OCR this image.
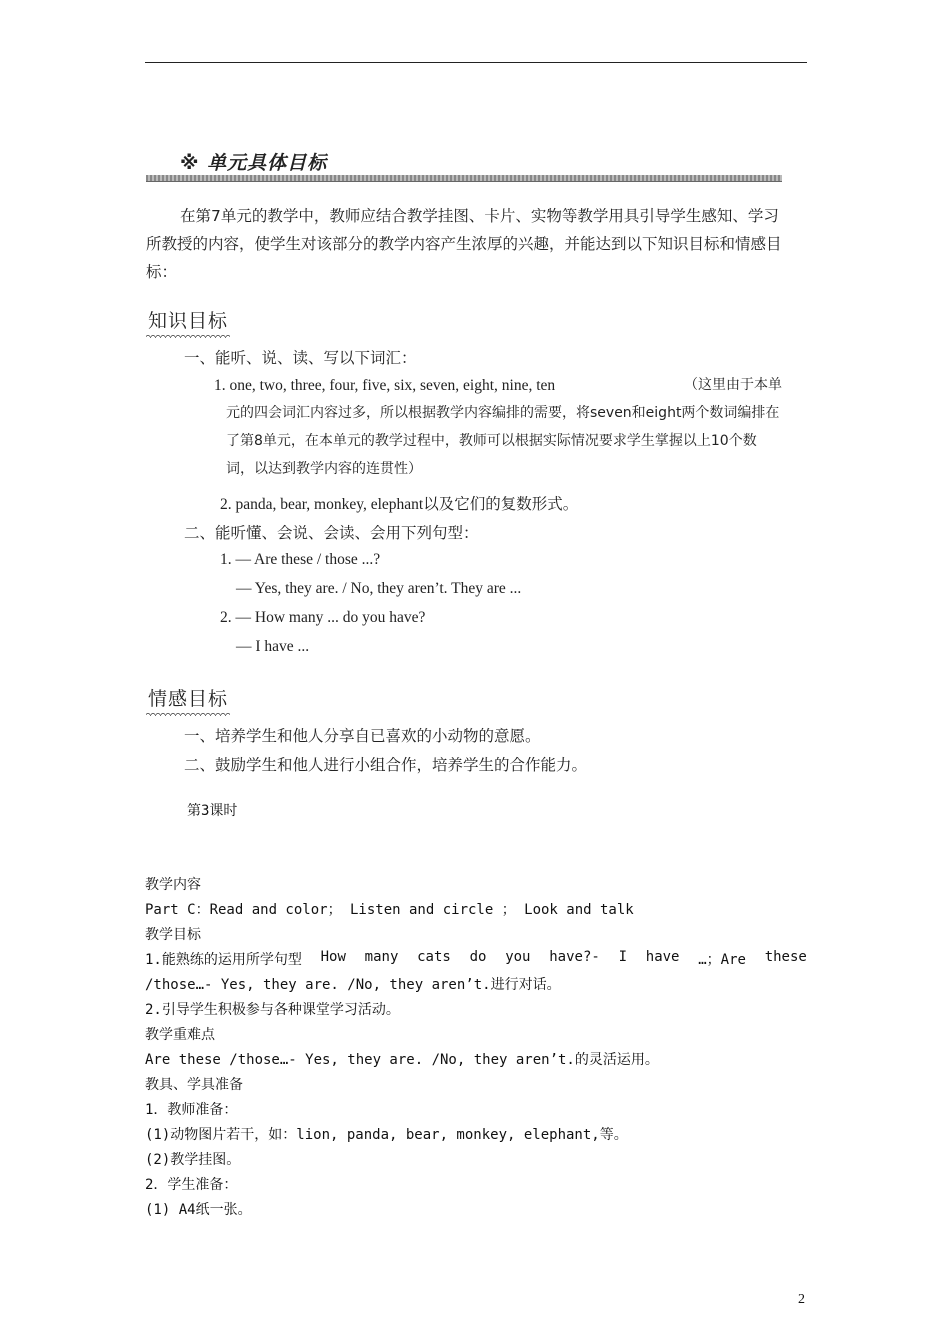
※ 单元具体目标

在第7单元的教学中，教师应结合教学挂图、卡片、实物等教学用具引导学生感知、学习所教授的内容，使学生对该部分的教学内容产生浓厚的兴趣，并能达到以下知识目标和情感目标：

知识目标
一、能听、说、读、写以下词汇：
1. one, two, three, four, five, six, seven, eight, nine, ten	（这里由于本单元的四会词汇内容过多，所以根据教学内容编排的需要，将seven和eight两个数词编排在了第8单元，在本单元的教学过程中，教师可以根据实际情况要求学生掌握以上10个数词，以达到教学内容的连贯性）
2. panda, bear, monkey, elephant以及它们的复数形式。
二、能听懂、会说、会读、会用下列句型：
1. — Are these / those ...?
— Yes, they are. / No, they aren’t. They are ...
2. — How many ... do you have?
— I have ...
情感目标
一、培养学生和他人分享自已喜欢的小动物的意愿。
二、鼓励学生和他人进行小组合作，培养学生的合作能力。
第3课时
教学内容
Part C：Read and color； Listen and circle ； Look and talk
教学目标
1.能熟练的运用所学句型 How many cats do you have?- I have …；Are these
/those…- Yes, they are. /No, they aren’t.进行对话。
2.引导学生积极参与各种课堂学习活动。
教学重难点
Are these /those…- Yes, they are. /No, they aren’t.的灵活运用。
教具、学具准备
1．教师准备：
(1)动物图片若干，如：lion, panda, bear, monkey, elephant,等。
(2)教学挂图。
2．学生准备：
(1) A4纸一张。
2
